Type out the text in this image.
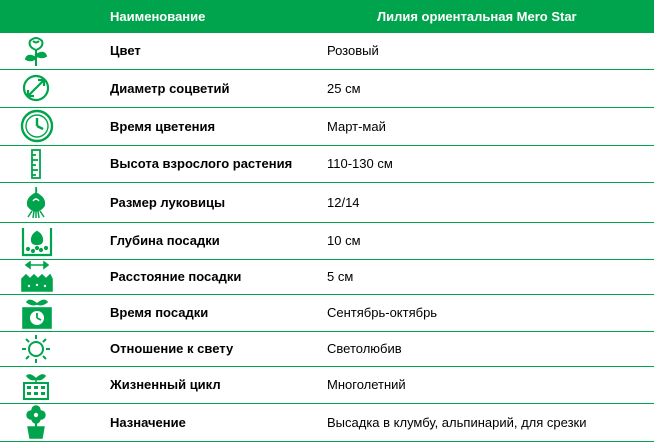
	Наименование	Лилия ориентальная Mero Star

	Цвет	Розовый

	Диаметр соцветий	25 см

	Время цветения	Март-май

	Высота взрослого растения	110-130 см

	Размер луковицы	12/14

	Глубина посадки	10 см

	Расстояние посадки	5 см

	Время посадки	Сентябрь-октябрь

	Отношение к свету	Светолюбив

	Жизненный цикл	Многолетний

	Назначение	Высадка в клумбу, альпинарий, для срезки
